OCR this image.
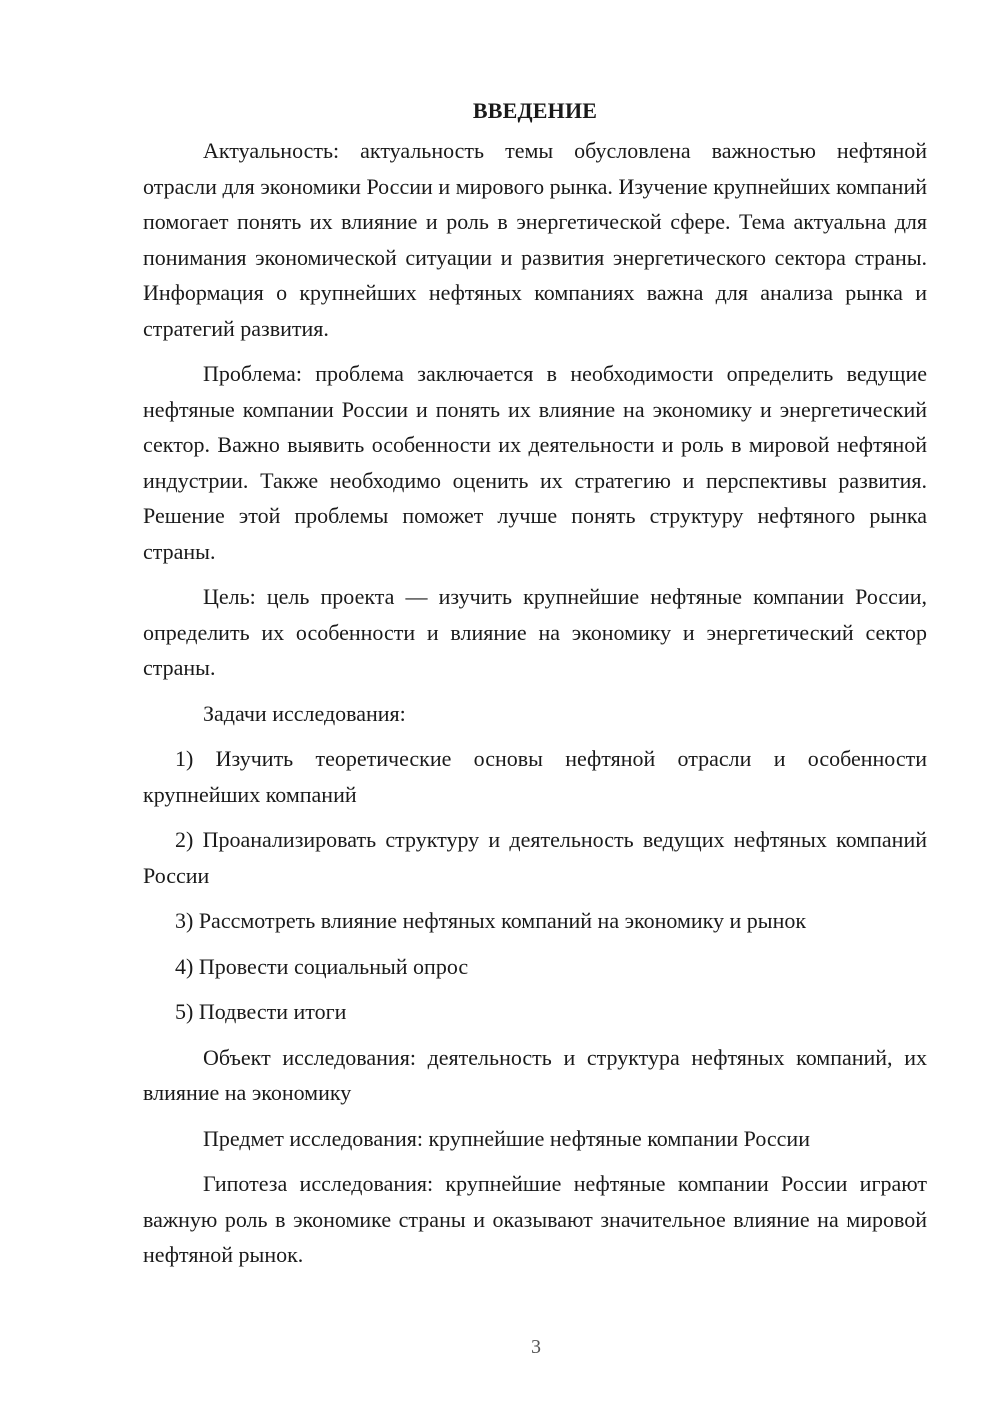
ВВЕДЕНИЕ

Актуальность: актуальность темы обусловлена важностью нефтяной отрасли для экономики России и мирового рынка. Изучение крупнейших компаний помогает понять их влияние и роль в энергетической сфере. Тема актуальна для понимания экономической ситуации и развития энергетического сектора страны. Информация о крупнейших нефтяных компаниях важна для анализа рынка и стратегий развития.

Проблема: проблема заключается в необходимости определить ведущие нефтяные компании России и понять их влияние на экономику и энергетический сектор. Важно выявить особенности их деятельности и роль в мировой нефтяной индустрии. Также необходимо оценить их стратегию и перспективы развития. Решение этой проблемы поможет лучше понять структуру нефтяного рынка страны.

Цель: цель проекта — изучить крупнейшие нефтяные компании России, определить их особенности и влияние на экономику и энергетический сектор страны.

Задачи исследования:

1) Изучить теоретические основы нефтяной отрасли и особенности крупнейших компаний

2) Проанализировать структуру и деятельность ведущих нефтяных компаний России

3) Рассмотреть влияние нефтяных компаний на экономику и рынок

4) Провести социальный опрос

5) Подвести итоги

Объект исследования: деятельность и структура нефтяных компаний, их влияние на экономику

Предмет исследования: крупнейшие нефтяные компании России

Гипотеза исследования: крупнейшие нефтяные компании России играют важную роль в экономике страны и оказывают значительное влияние на мировой нефтяной рынок.

3
